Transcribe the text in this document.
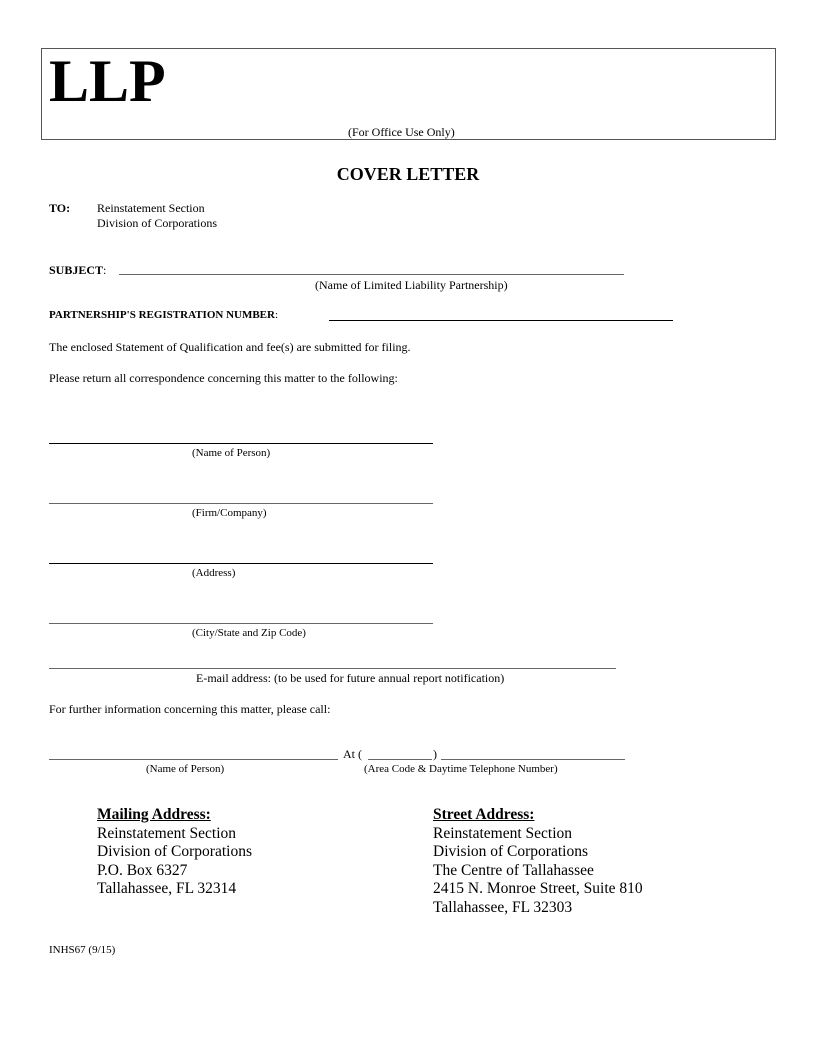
LLP
(For Office Use Only)
COVER LETTER
TO: Reinstatement Section
Division of Corporations
SUBJECT:
(Name of Limited Liability Partnership)
PARTNERSHIP'S REGISTRATION NUMBER:
The enclosed Statement of Qualification and fee(s) are submitted for filing.
Please return all correspondence concerning this matter to the following:
(Name of Person)
(Firm/Company)
(Address)
(City/State and Zip Code)
E-mail address: (to be used for future annual report notification)
For further information concerning this matter, please call:
At (	)
(Name of Person)	(Area Code & Daytime Telephone Number)
Mailing Address:
Reinstatement Section
Division of Corporations
P.O. Box 6327
Tallahassee, FL 32314
Street Address:
Reinstatement Section
Division of Corporations
The Centre of Tallahassee
2415 N. Monroe Street, Suite 810
Tallahassee, FL 32303
INHS67 (9/15)
